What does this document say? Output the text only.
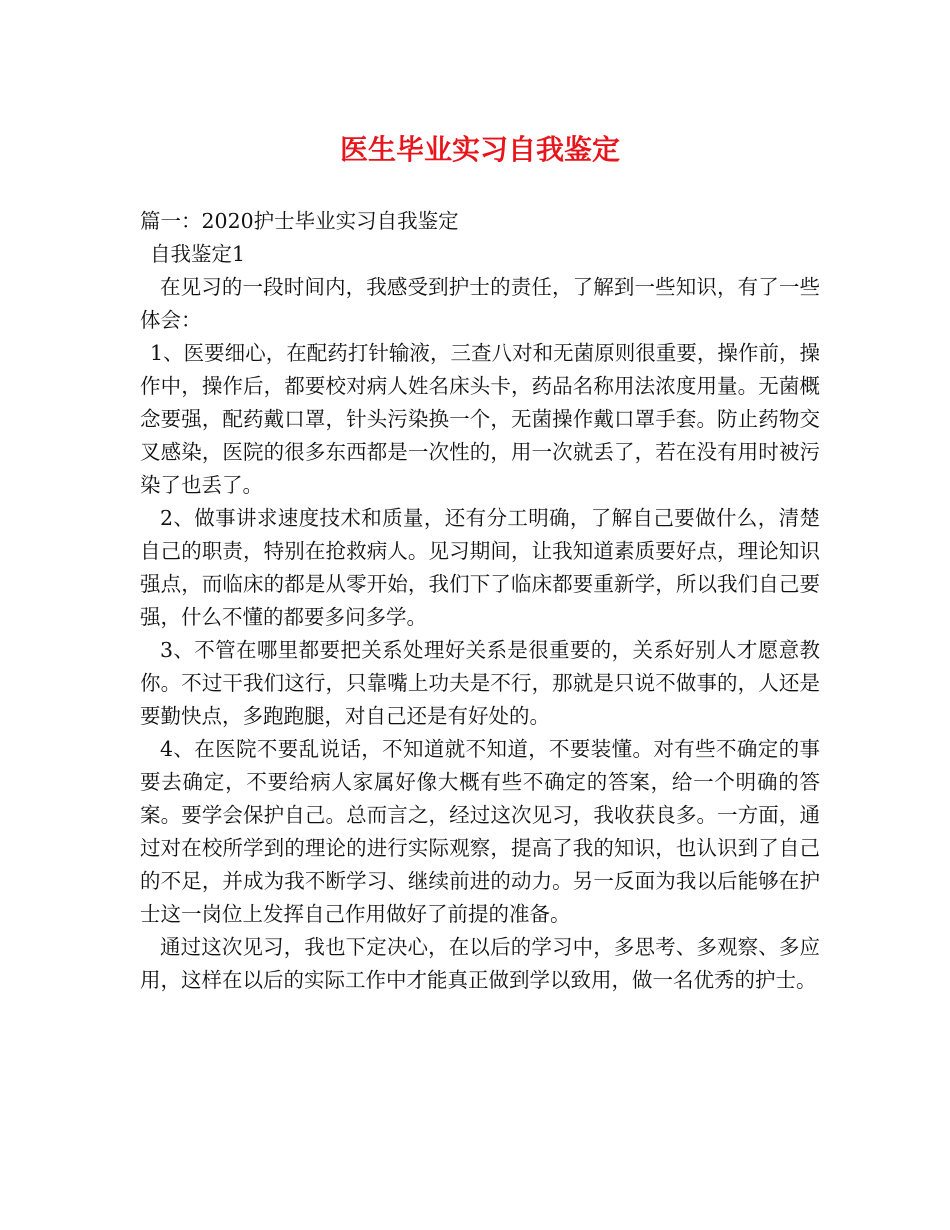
医生毕业实习自我鉴定

篇一：2020护士毕业实习自我鉴定

自我鉴定1

在见习的一段时间内，我感受到护士的责任，了解到一些知识，有了一些体会：

1、医要细心，在配药打针输液，三查八对和无菌原则很重要，操作前，操作中，操作后，都要校对病人姓名床头卡，药品名称用法浓度用量。无菌概念要强，配药戴口罩，针头污染换一个，无菌操作戴口罩手套。防止药物交叉感染，医院的很多东西都是一次性的，用一次就丢了，若在没有用时被污染了也丢了。

2、做事讲求速度技术和质量，还有分工明确，了解自己要做什么，清楚自己的职责，特别在抢救病人。见习期间，让我知道素质要好点，理论知识强点，而临床的都是从零开始，我们下了临床都要重新学，所以我们自己要强，什么不懂的都要多问多学。

3、不管在哪里都要把关系处理好关系是很重要的，关系好别人才愿意教你。不过干我们这行，只靠嘴上功夫是不行，那就是只说不做事的，人还是要勤快点，多跑跑腿，对自己还是有好处的。

4、在医院不要乱说话，不知道就不知道，不要装懂。对有些不确定的事要去确定，不要给病人家属好像大概有些不确定的答案，给一个明确的答案。要学会保护自己。总而言之，经过这次见习，我收获良多。一方面，通过对在校所学到的理论的进行实际观察，提高了我的知识，也认识到了自己的不足，并成为我不断学习、继续前进的动力。另一反面为我以后能够在护士这一岗位上发挥自己作用做好了前提的准备。

通过这次见习，我也下定决心，在以后的学习中，多思考、多观察、多应用，这样在以后的实际工作中才能真正做到学以致用，做一名优秀的护士。
